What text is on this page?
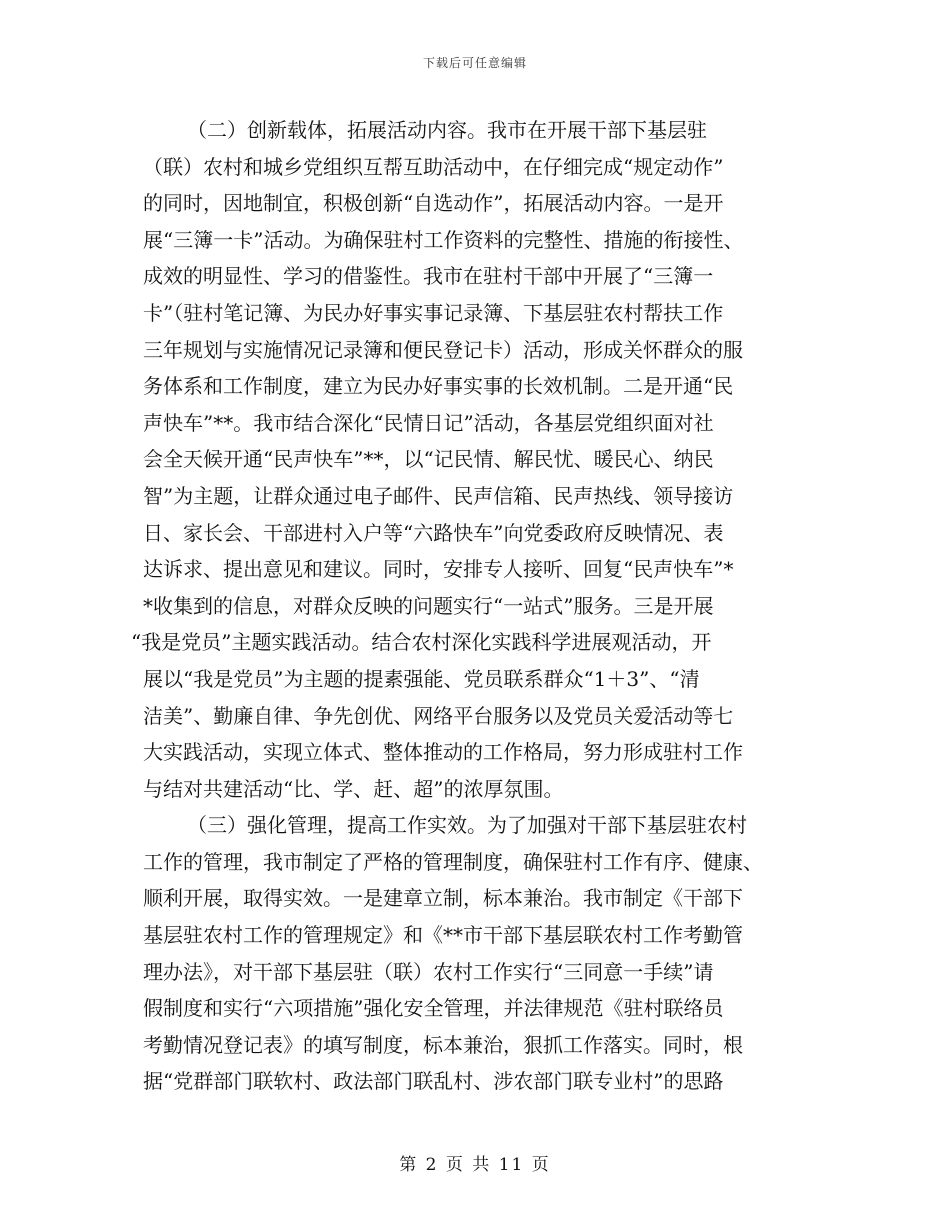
下载后可任意编辑
（二）创新载体，拓展活动内容。我市在开展干部下基层驻
（联）农村和城乡党组织互帮互助活动中，在仔细完成“规定动作”
的同时，因地制宜，积极创新“自选动作”，拓展活动内容。一是开
展“三簿一卡”活动。为确保驻村工作资料的完整性、措施的衔接性、
成效的明显性、学习的借鉴性。我市在驻村干部中开展了“三簿一
卡”（驻村笔记簿、为民办好事实事记录簿、下基层驻农村帮扶工作
三年规划与实施情况记录簿和便民登记卡）活动，形成关怀群众的服
务体系和工作制度，建立为民办好事实事的长效机制。二是开通“民
声快车”**。我市结合深化“民情日记”活动，各基层党组织面对社
会全天候开通“民声快车”**，以“记民情、解民忧、暖民心、纳民
智”为主题，让群众通过电子邮件、民声信箱、民声热线、领导接访
日、家长会、干部进村入户等“六路快车”向党委政府反映情况、表
达诉求、提出意见和建议。同时，安排专人接听、回复“民声快车”*
*收集到的信息，对群众反映的问题实行“一站式”服务。三是开展
“我是党员”主题实践活动。结合农村深化实践科学进展观活动，开
展以“我是党员”为主题的提素强能、党员联系群众“1＋3”、“清
洁美”、勤廉自律、争先创优、网络平台服务以及党员关爱活动等七
大实践活动，实现立体式、整体推动的工作格局，努力形成驻村工作
与结对共建活动“比、学、赶、超”的浓厚氛围。
（三）强化管理，提高工作实效。为了加强对干部下基层驻农村
工作的管理，我市制定了严格的管理制度，确保驻村工作有序、健康、
顺利开展，取得实效。一是建章立制，标本兼治。我市制定《干部下
基层驻农村工作的管理规定》和《**市干部下基层联农村工作考勤管
理办法》，对干部下基层驻（联）农村工作实行“三同意一手续”请
假制度和实行“六项措施”强化安全管理，并法律规范《驻村联络员
考勤情况登记表》的填写制度，标本兼治，狠抓工作落实。同时，根
据“党群部门联软村、政法部门联乱村、涉农部门联专业村”的思路
第 2 页 共 11 页
